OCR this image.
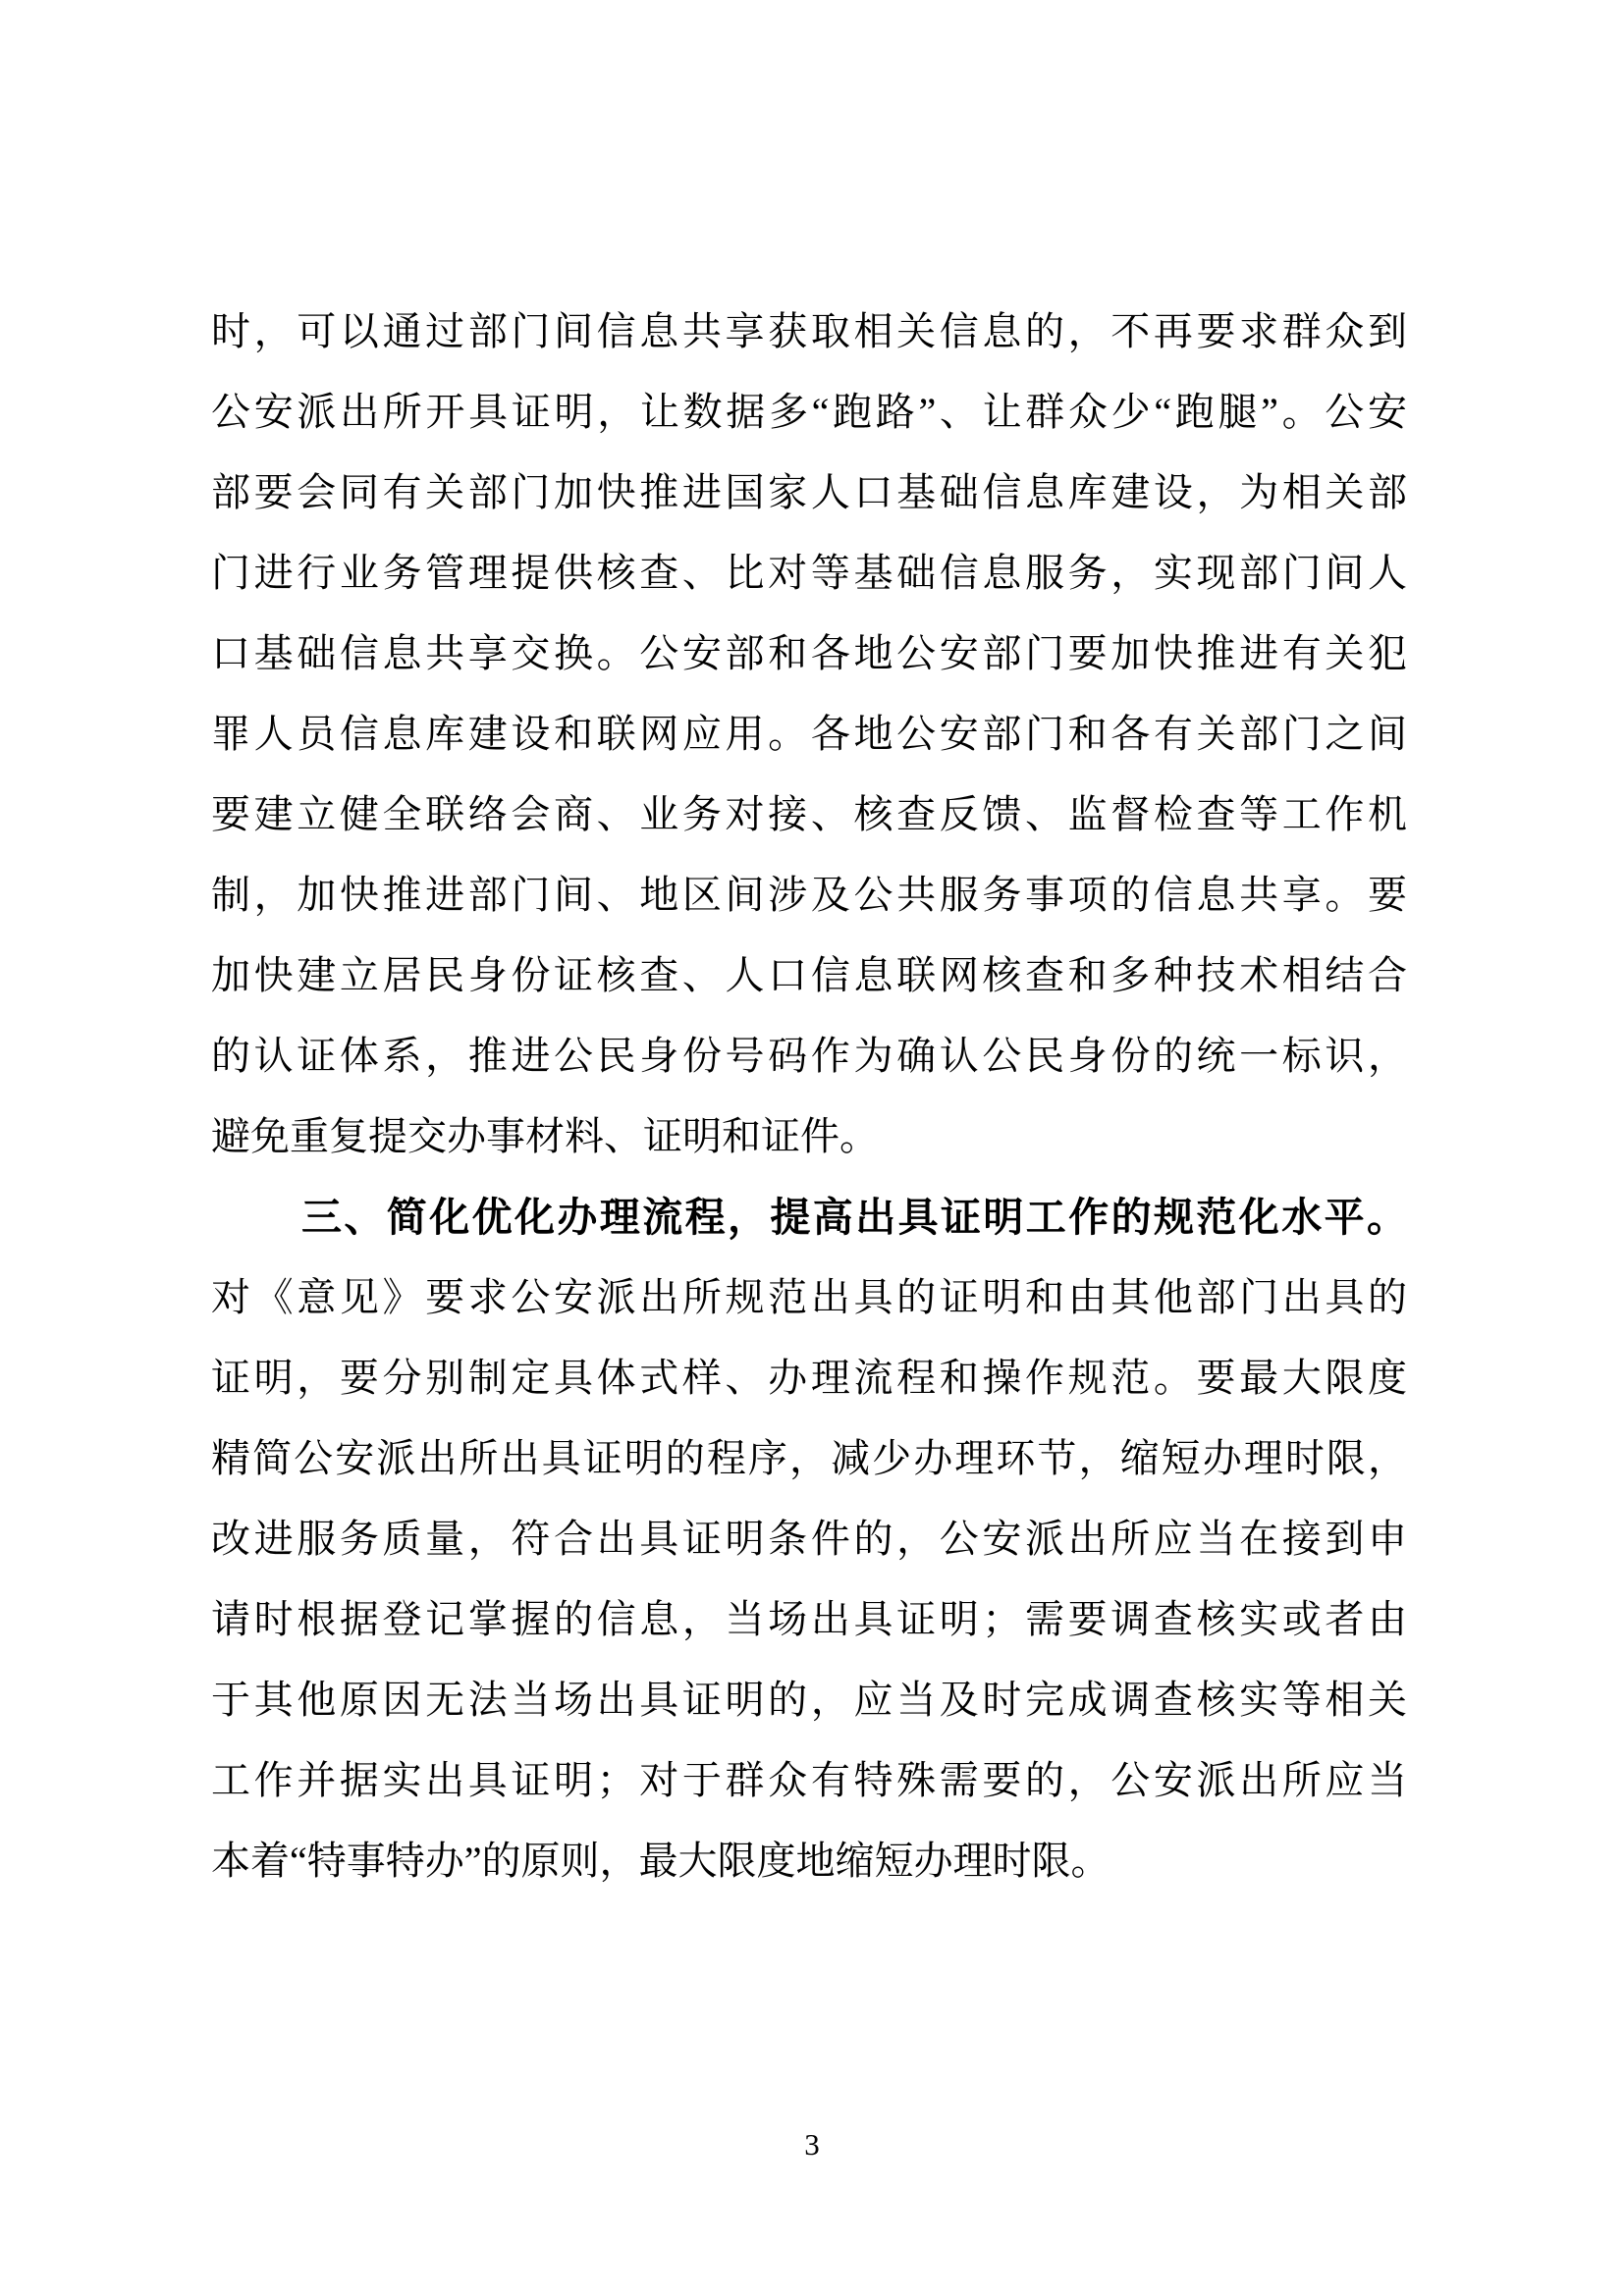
时，可以通过部门间信息共享获取相关信息的，不再要求群众到
公安派出所开具证明，让数据多“跑路”、让群众少“跑腿”。公安
部要会同有关部门加快推进国家人口基础信息库建设，为相关部
门进行业务管理提供核查、比对等基础信息服务，实现部门间人
口基础信息共享交换。公安部和各地公安部门要加快推进有关犯
罪人员信息库建设和联网应用。各地公安部门和各有关部门之间
要建立健全联络会商、业务对接、核查反馈、监督检查等工作机
制，加快推进部门间、地区间涉及公共服务事项的信息共享。要
加快建立居民身份证核查、人口信息联网核查和多种技术相结合
的认证体系，推进公民身份号码作为确认公民身份的统一标识，
避免重复提交办事材料、证明和证件。
三、简化优化办理流程，提高出具证明工作的规范化水平。
对《意见》要求公安派出所规范出具的证明和由其他部门出具的
证明，要分别制定具体式样、办理流程和操作规范。要最大限度
精简公安派出所出具证明的程序，减少办理环节，缩短办理时限，
改进服务质量，符合出具证明条件的，公安派出所应当在接到申
请时根据登记掌握的信息，当场出具证明；需要调查核实或者由
于其他原因无法当场出具证明的，应当及时完成调查核实等相关
工作并据实出具证明；对于群众有特殊需要的，公安派出所应当
本着“特事特办”的原则，最大限度地缩短办理时限。
3
